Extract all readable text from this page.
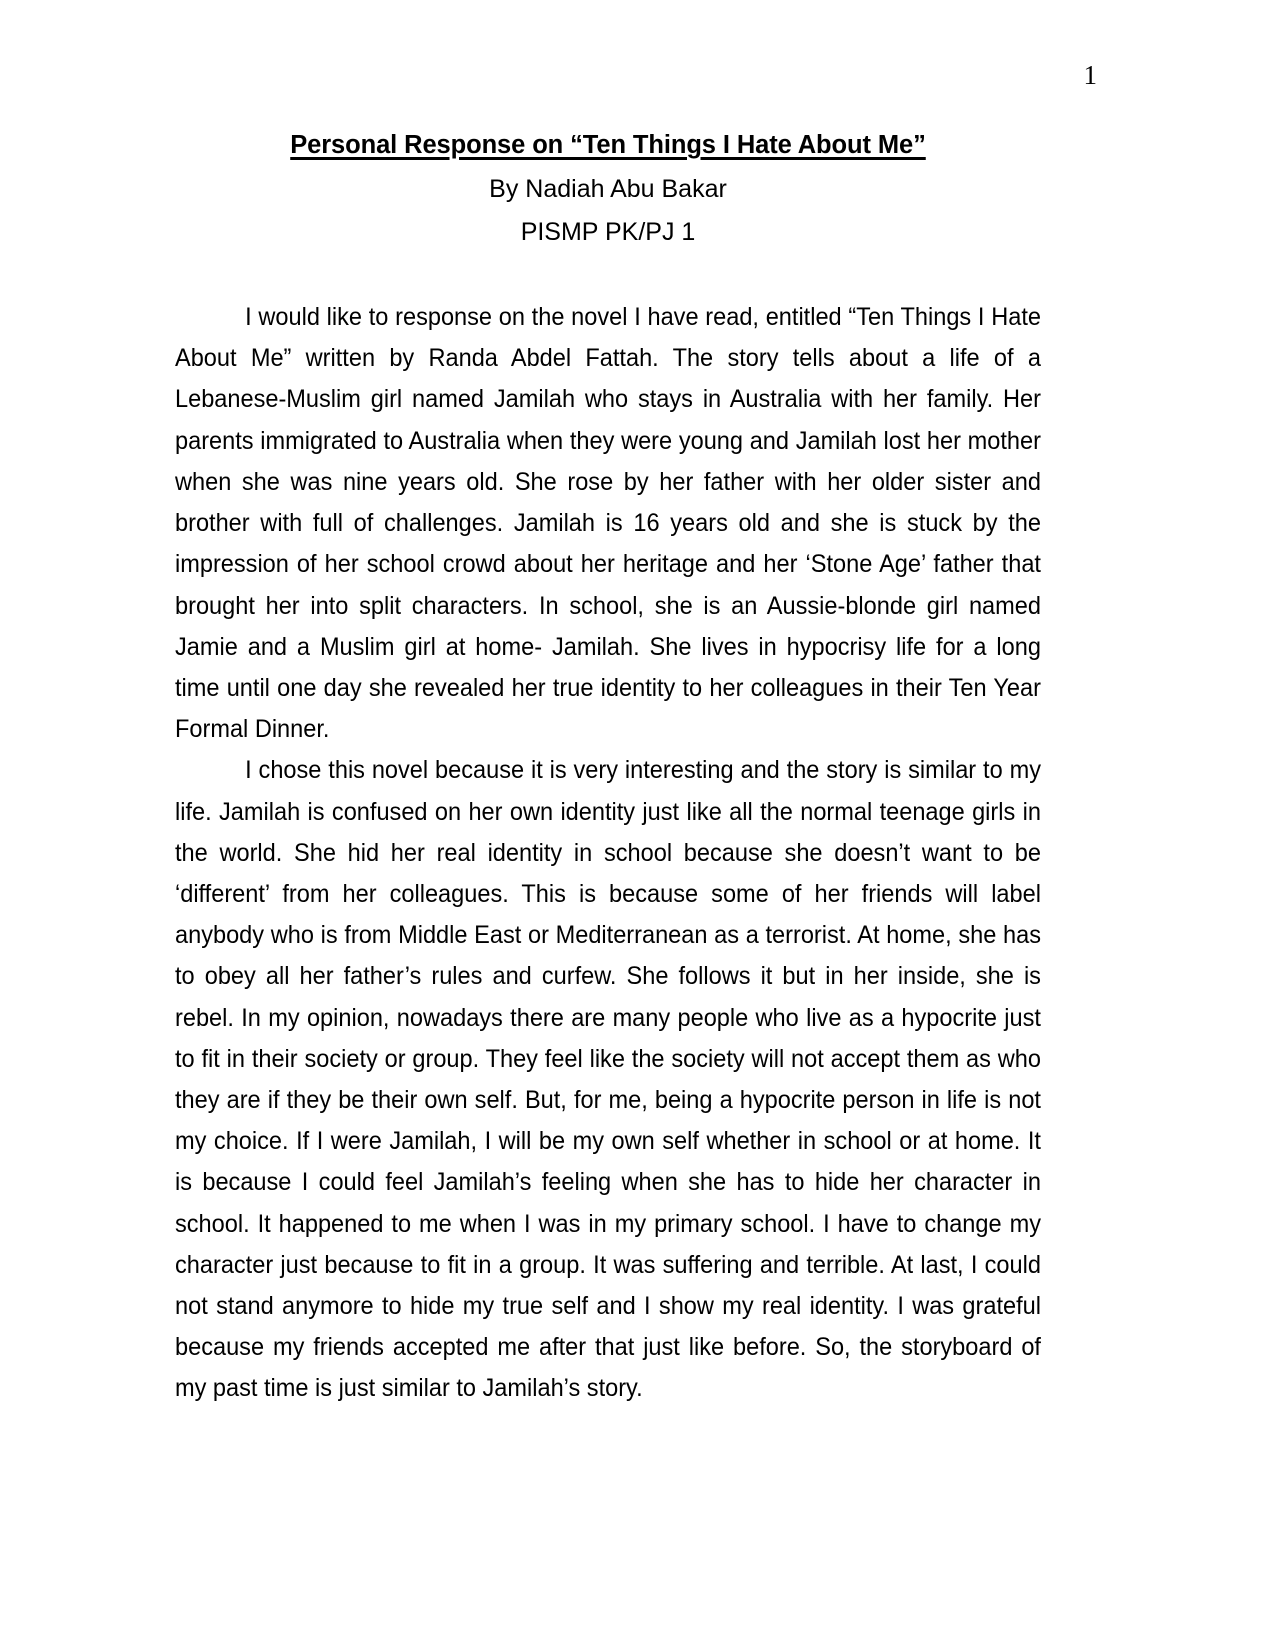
1
Personal Response on “Ten Things I Hate About Me”
By Nadiah Abu Bakar
PISMP PK/PJ 1

I would like to response on the novel I have read, entitled “Ten Things I Hate About Me” written by Randa Abdel Fattah. The story tells about a life of a Lebanese-Muslim girl named Jamilah who stays in Australia with her family. Her parents immigrated to Australia when they were young and Jamilah lost her mother when she was nine years old. She rose by her father with her older sister and brother with full of challenges. Jamilah is 16 years old and she is stuck by the impression of her school crowd about her heritage and her ‘Stone Age’ father that brought her into split characters. In school, she is an Aussie-blonde girl named Jamie and a Muslim girl at home- Jamilah. She lives in hypocrisy life for a long time until one day she revealed her true identity to her colleagues in their Ten Year Formal Dinner.

I chose this novel because it is very interesting and the story is similar to my life. Jamilah is confused on her own identity just like all the normal teenage girls in the world. She hid her real identity in school because she doesn’t want to be ‘different’ from her colleagues. This is because some of her friends will label anybody who is from Middle East or Mediterranean as a terrorist. At home, she has to obey all her father’s rules and curfew. She follows it but in her inside, she is rebel. In my opinion, nowadays there are many people who live as a hypocrite just to fit in their society or group. They feel like the society will not accept them as who they are if they be their own self. But, for me, being a hypocrite person in life is not my choice. If I were Jamilah, I will be my own self whether in school or at home. It is because I could feel Jamilah’s feeling when she has to hide her character in school. It happened to me when I was in my primary school. I have to change my character just because to fit in a group. It was suffering and terrible. At last, I could not stand anymore to hide my true self and I show my real identity. I was grateful because my friends accepted me after that just like before. So, the storyboard of my past time is just similar to Jamilah’s story.
